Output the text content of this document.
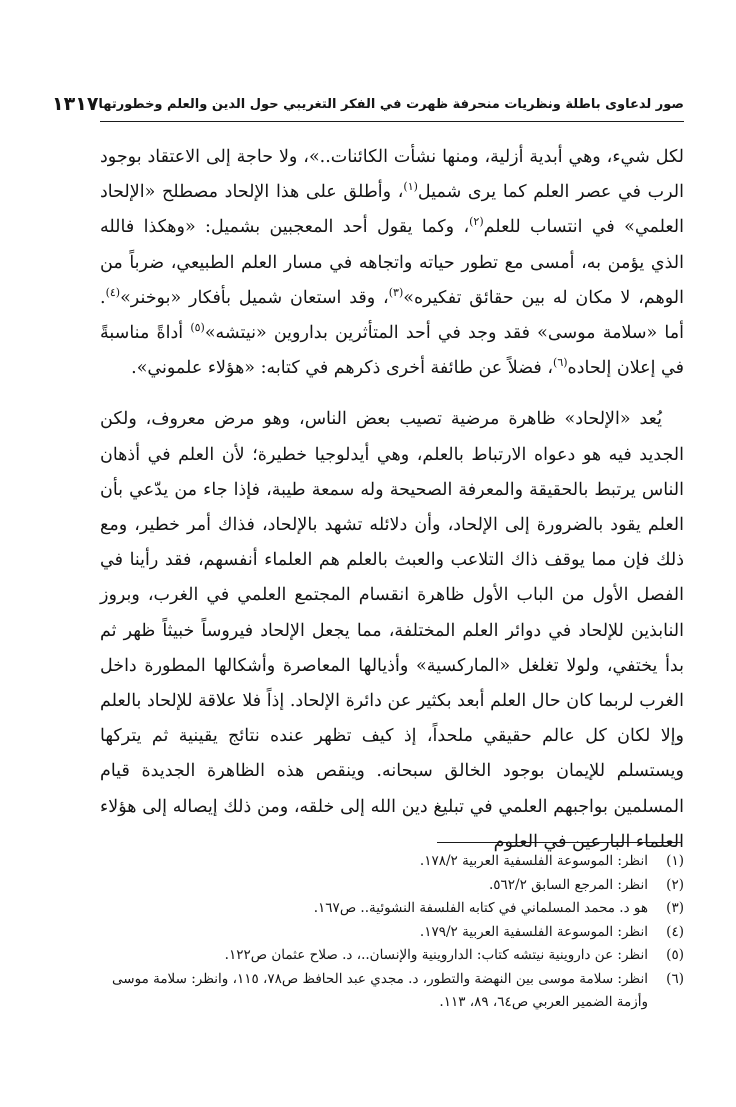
صور لدعاوى باطلة ونظريات منحرفة ظهرت في الفكر التغريبي حول الدين والعلم وخطورتها
١٣١٧

لكل شيء، وهي أبدية أزلية، ومنها نشأت الكائنات..»، ولا حاجة إلى الاعتقاد بوجود الرب في عصر العلم كما يرى شميل$^{(١)}$، وأطلق على هذا الإلحاد مصطلح «الإلحاد العلمي» في انتساب للعلم$^{(٢)}$، وكما يقول أحد المعجبين بشميل: «وهكذا فالله الذي يؤمن به، أمسى مع تطور حياته واتجاهه في مسار العلم الطبيعي، ضرباً من الوهم، لا مكان له بين حقائق تفكيره»$^{(٣)}$، وقد استعان شميل بأفكار «بوخنر»$^{(٤)}$. أما «سلامة موسى» فقد وجد في أحد المتأثرين بداروين «نيتشه»$^{(٥)}$ أداةً مناسبةً في إعلان إلحاده$^{(٦)}$، فضلاً عن طائفة أخرى ذكرهم في كتابه: «هؤلاء علموني».

يُعد «الإلحاد» ظاهرة مرضية تصيب بعض الناس، وهو مرض معروف، ولكن الجديد فيه هو دعواه الارتباط بالعلم، وهي أيدلوجيا خطيرة؛ لأن العلم في أذهان الناس يرتبط بالحقيقة والمعرفة الصحيحة وله سمعة طيبة، فإذا جاء من يدّعي بأن العلم يقود بالضرورة إلى الإلحاد، وأن دلائله تشهد بالإلحاد، فذاك أمر خطير، ومع ذلك فإن مما يوقف ذاك التلاعب والعبث بالعلم هم العلماء أنفسهم، فقد رأينا في الفصل الأول من الباب الأول ظاهرة انقسام المجتمع العلمي في الغرب، وبروز النابذين للإلحاد في دوائر العلم المختلفة، مما يجعل الإلحاد فيروساً خبيثاً ظهر ثم بدأ يختفي، ولولا تغلغل «الماركسية» وأذيالها المعاصرة وأشكالها المطورة داخل الغرب لربما كان حال العلم أبعد بكثير عن دائرة الإلحاد. إذاً فلا علاقة للإلحاد بالعلم وإلا لكان كل عالم حقيقي ملحداً، إذ كيف تظهر عنده نتائج يقينية ثم يتركها ويستسلم للإيمان بوجود الخالق سبحانه. وينقص هذه الظاهرة الجديدة قيام المسلمين بواجبهم العلمي في تبليغ دين الله إلى خلقه، ومن ذلك إيصاله إلى هؤلاء العلماء البارعين في العلوم

(١)
انظر: الموسوعة الفلسفية العربية ١٧٨/٢.
(٢)
انظر: المرجع السابق ٥٦٢/٢.
(٣)
هو د. محمد المسلماني في كتابه الفلسفة النشوئية.. ص١٦٧.
(٤)
انظر: الموسوعة الفلسفية العربية ١٧٩/٢.
(٥)
انظر: عن داروينية نيتشه كتاب: الداروينية والإنسان..، د. صلاح عثمان ص١٢٢.
(٦)
انظر: سلامة موسى بين النهضة والتطور، د. مجدي عبد الحافظ ص٧٨، ١١٥، وانظر: سلامة موسى وأزمة الضمير العربي ص٦٤، ٨٩، ١١٣.
